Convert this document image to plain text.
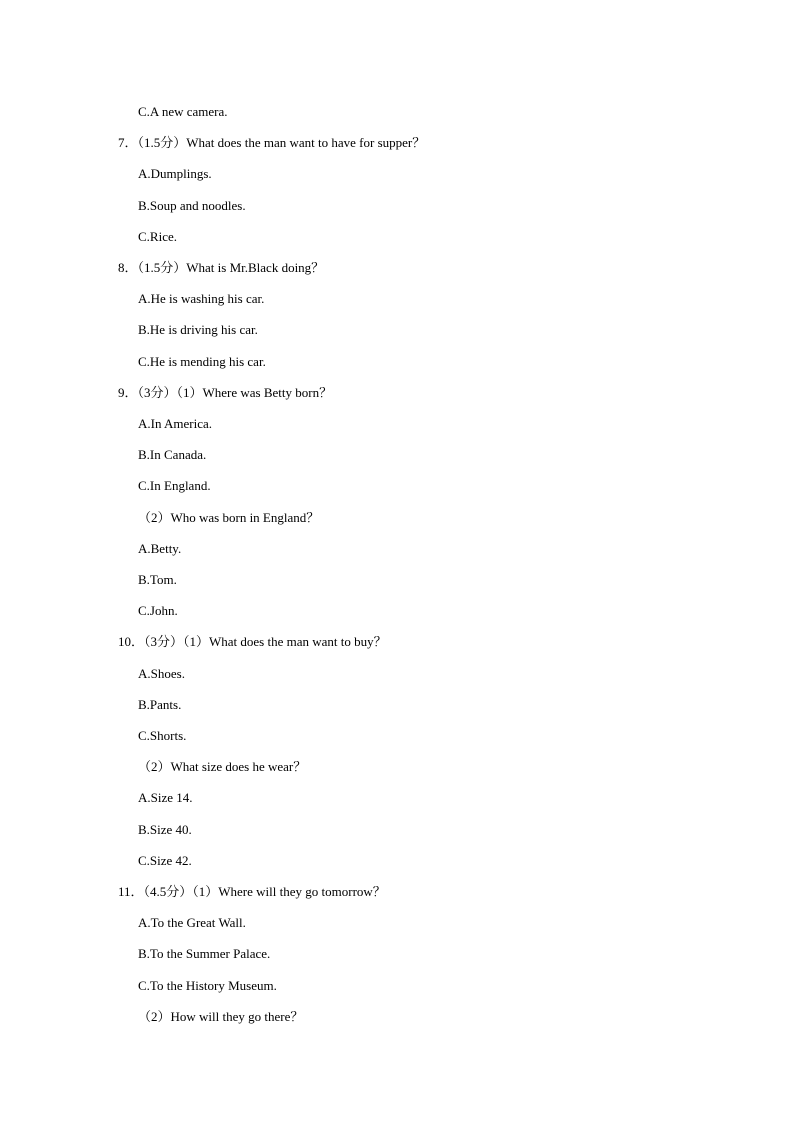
C.A new camera.
7．（1.5分）What does the man want to have for supper？
A.Dumplings.
B.Soup and noodles.
C.Rice.
8．（1.5分）What is Mr.Black doing？
A.He is washing his car.
B.He is driving his car.
C.He is mending his car.
9．（3分）（1）Where was Betty born？
A.In America.
B.In Canada.
C.In England.
（2）Who was born in England？
A.Betty.
B.Tom.
C.John.
10．（3分）（1）What does the man want to buy？
A.Shoes.
B.Pants.
C.Shorts.
（2）What size does he wear？
A.Size 14.
B.Size 40.
C.Size 42.
11．（4.5分）（1）Where will they go tomorrow？
A.To the Great Wall.
B.To the Summer Palace.
C.To the History Museum.
（2）How will they go there？
